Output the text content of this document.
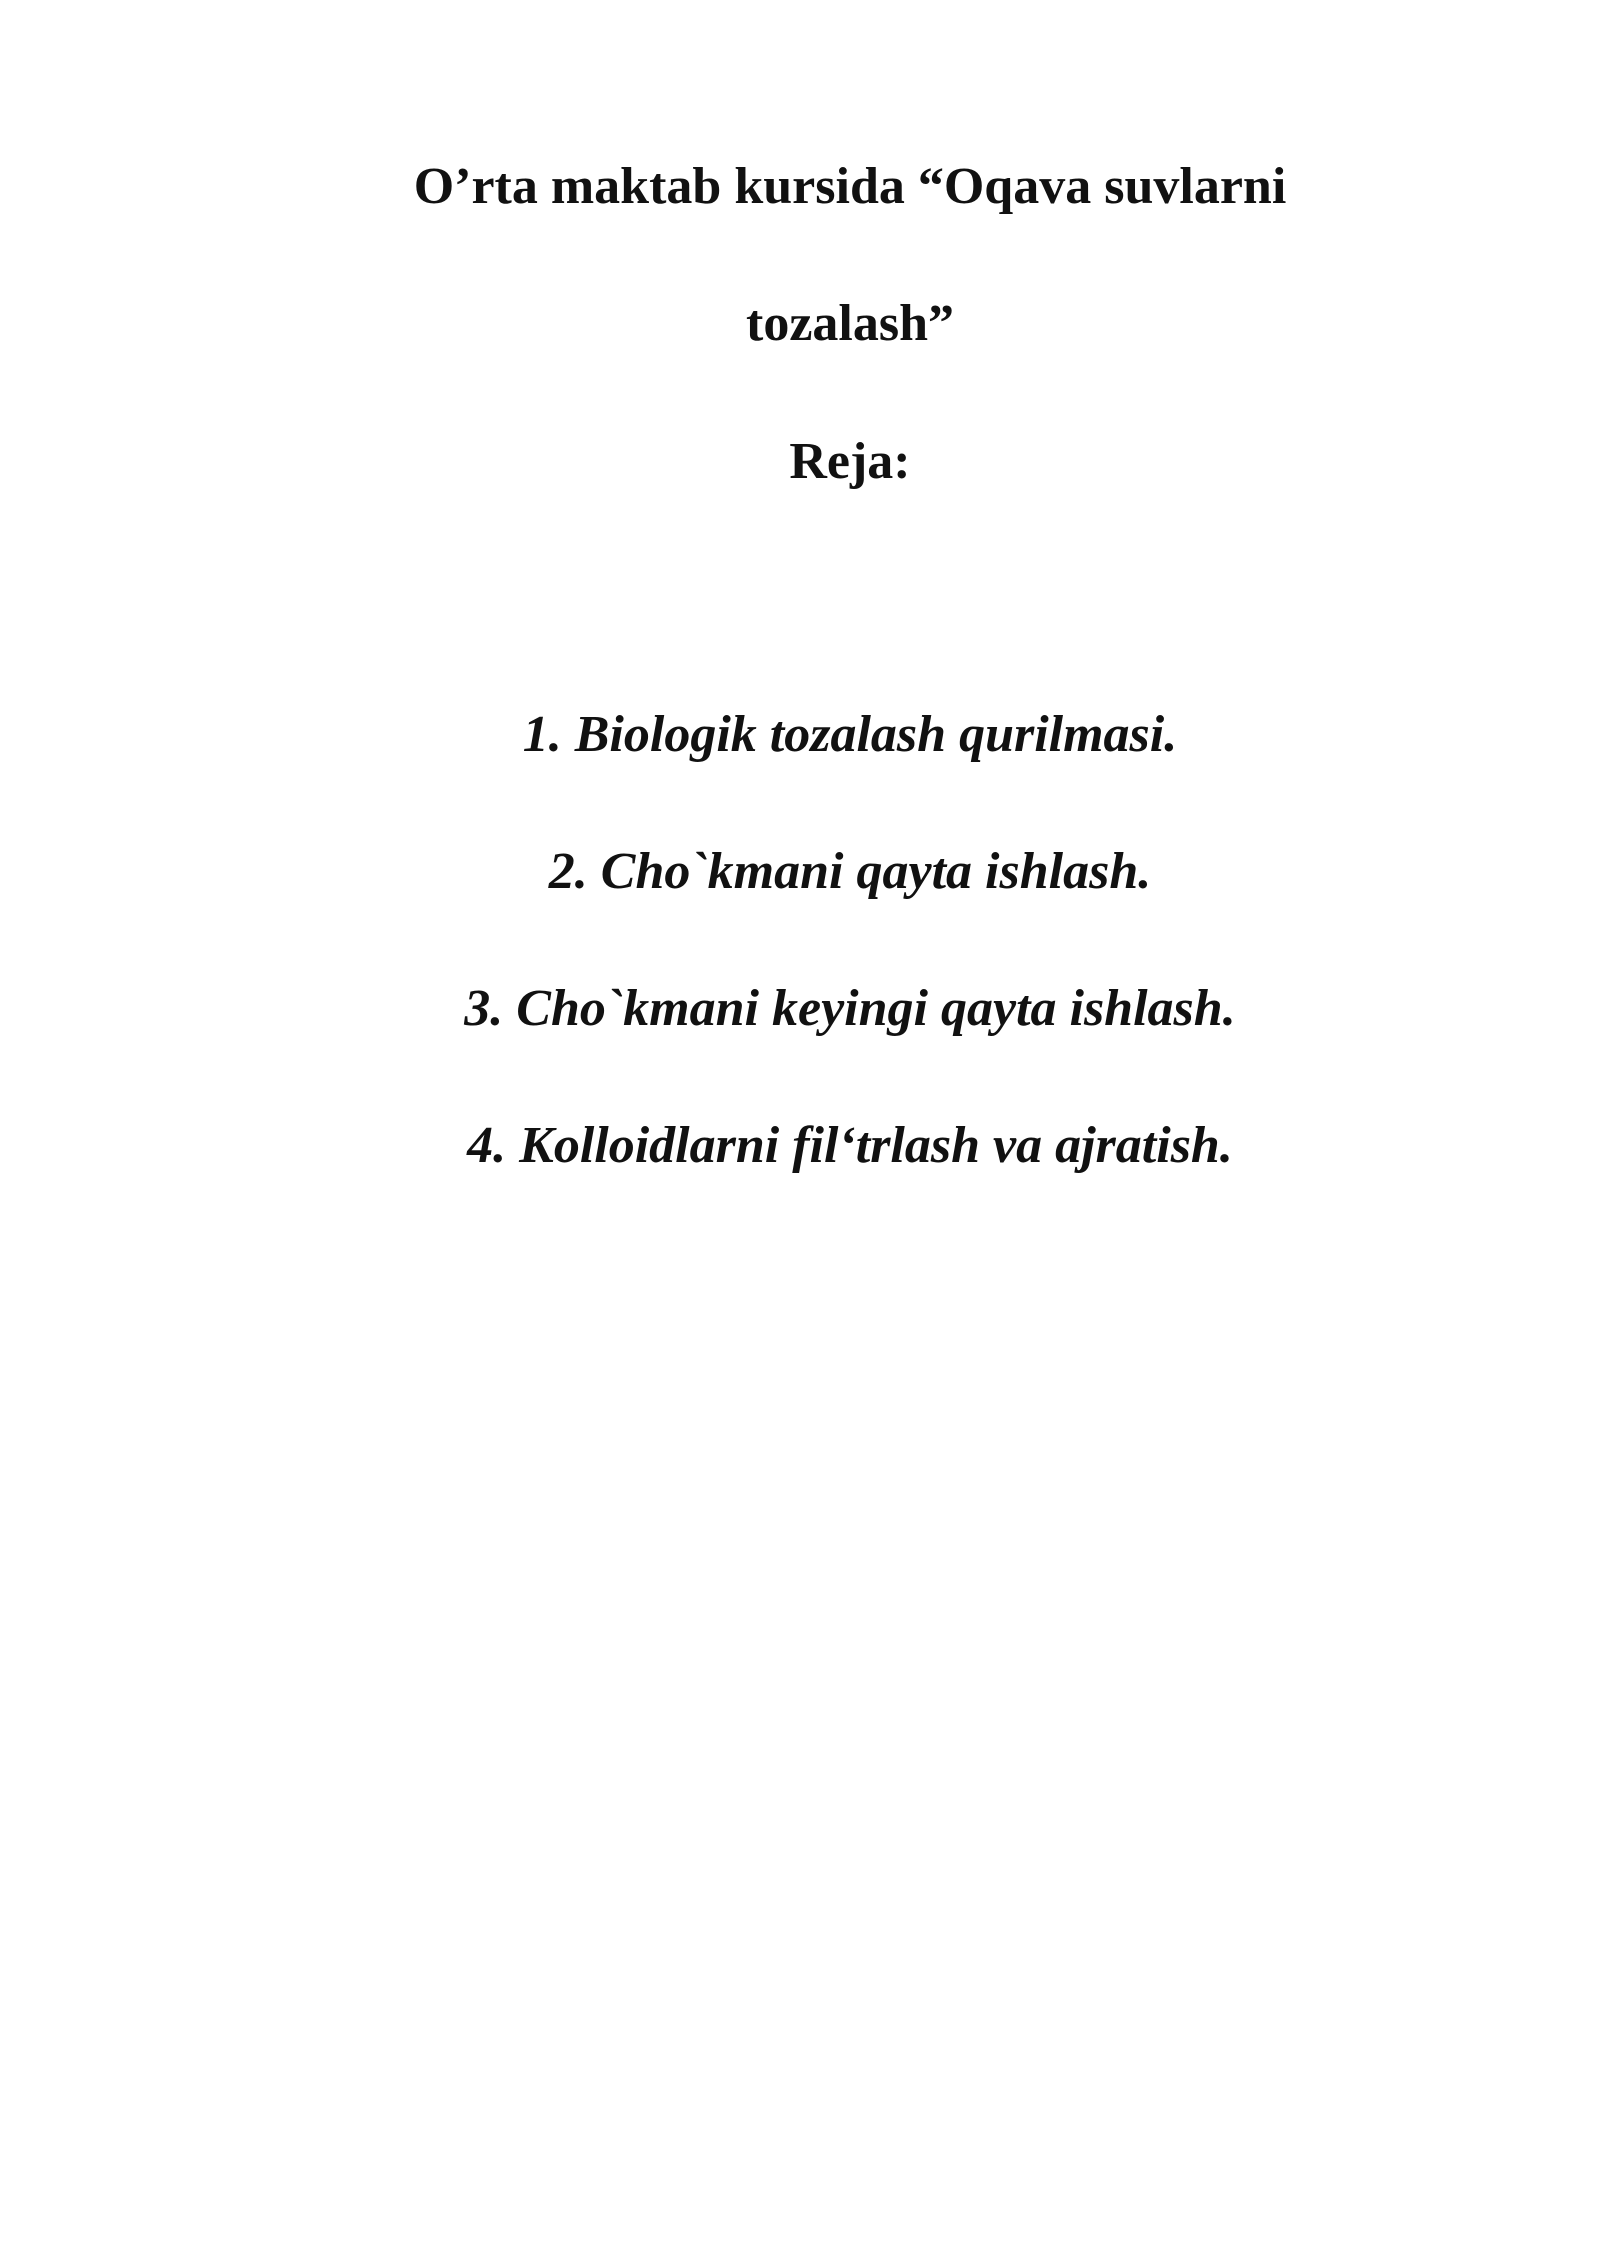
O’rta maktab kursida “Oqava suvlarni
tozalash”
Reja:
1. Biologik tozalash qurilmasi.
2. Cho`kmani qayta ishlash.
3. Cho`kmani keyingi qayta ishlash.
4. Kolloidlarni fil‘trlash va ajratish.
